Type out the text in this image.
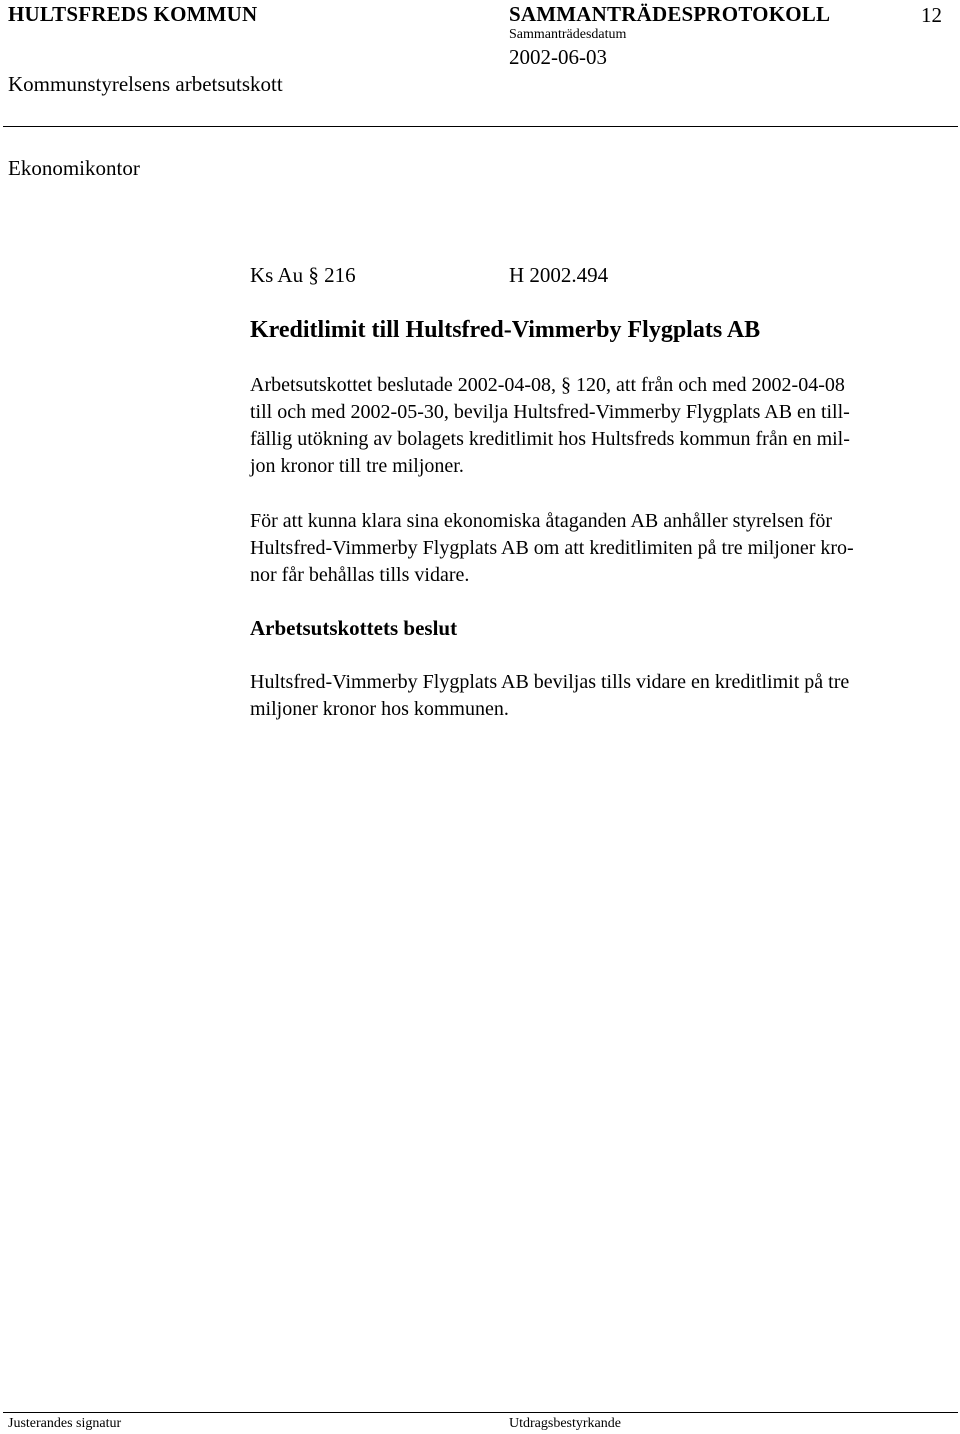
HULTSFREDS KOMMUN	SAMMANTRÄDESPROTOKOLL	12
Sammanträdesdatum
2002-06-03
Kommunstyrelsens arbetsutskott
Ekonomikontor
Ks Au § 216	H 2002.494
Kreditlimit till Hultsfred-Vimmerby Flygplats AB
Arbetsutskottet beslutade 2002-04-08, § 120, att från och med 2002-04-08
till och med 2002-05-30, bevilja Hultsfred-Vimmerby Flygplats AB en till-
fällig utökning av bolagets kreditlimit hos Hultsfreds kommun från en mil-
jon kronor till tre miljoner.
För att kunna klara sina ekonomiska åtaganden AB anhåller styrelsen för
Hultsfred-Vimmerby Flygplats AB om att kreditlimiten på tre miljoner kro-
nor får behållas tills vidare.
Arbetsutskottets beslut
Hultsfred-Vimmerby Flygplats AB beviljas tills vidare en kreditlimit på tre
miljoner kronor hos kommunen.
Justerandes signatur	Utdragsbestyrkande
